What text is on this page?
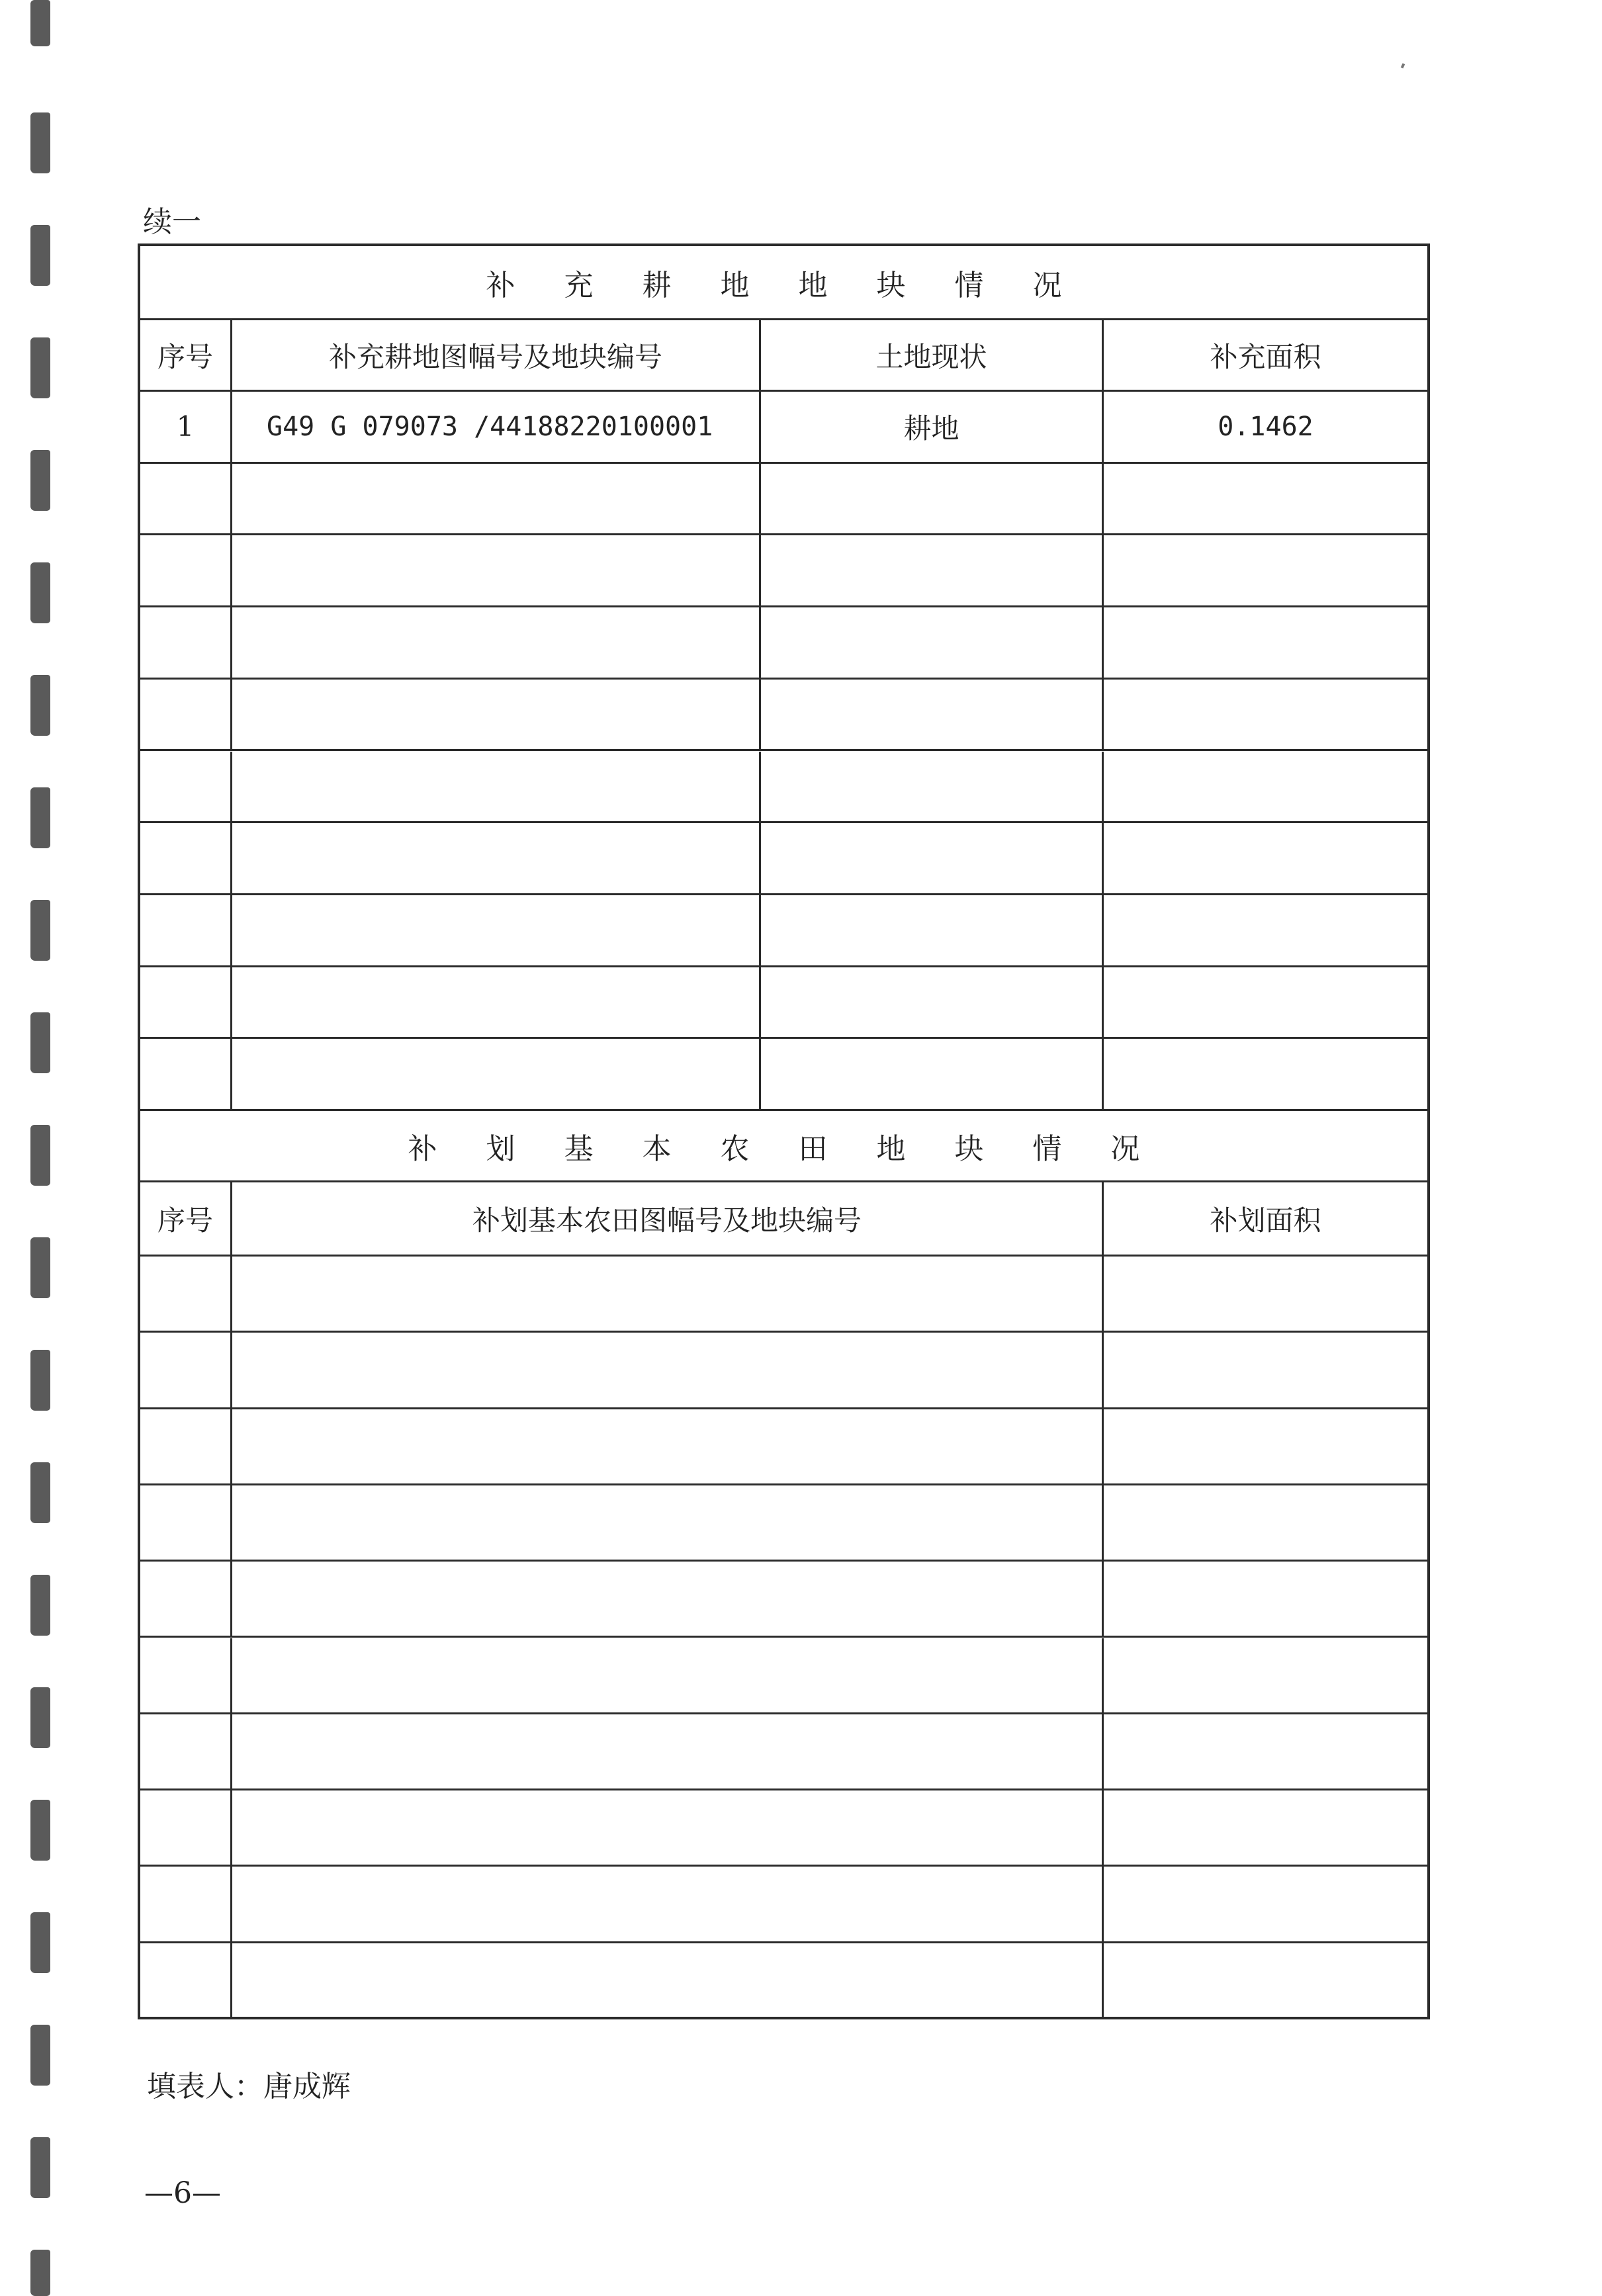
续一
补 充 耕 地 地 块 情 况
序号	补充耕地图幅号及地块编号	土地现状	补充面积
1	G49 G 079073 /44188220100001	耕地	0.1462
补 划 基 本 农 田 地 块 情 况
序号	补划基本农田图幅号及地块编号	补划面积
填表人：唐成辉
—6—
